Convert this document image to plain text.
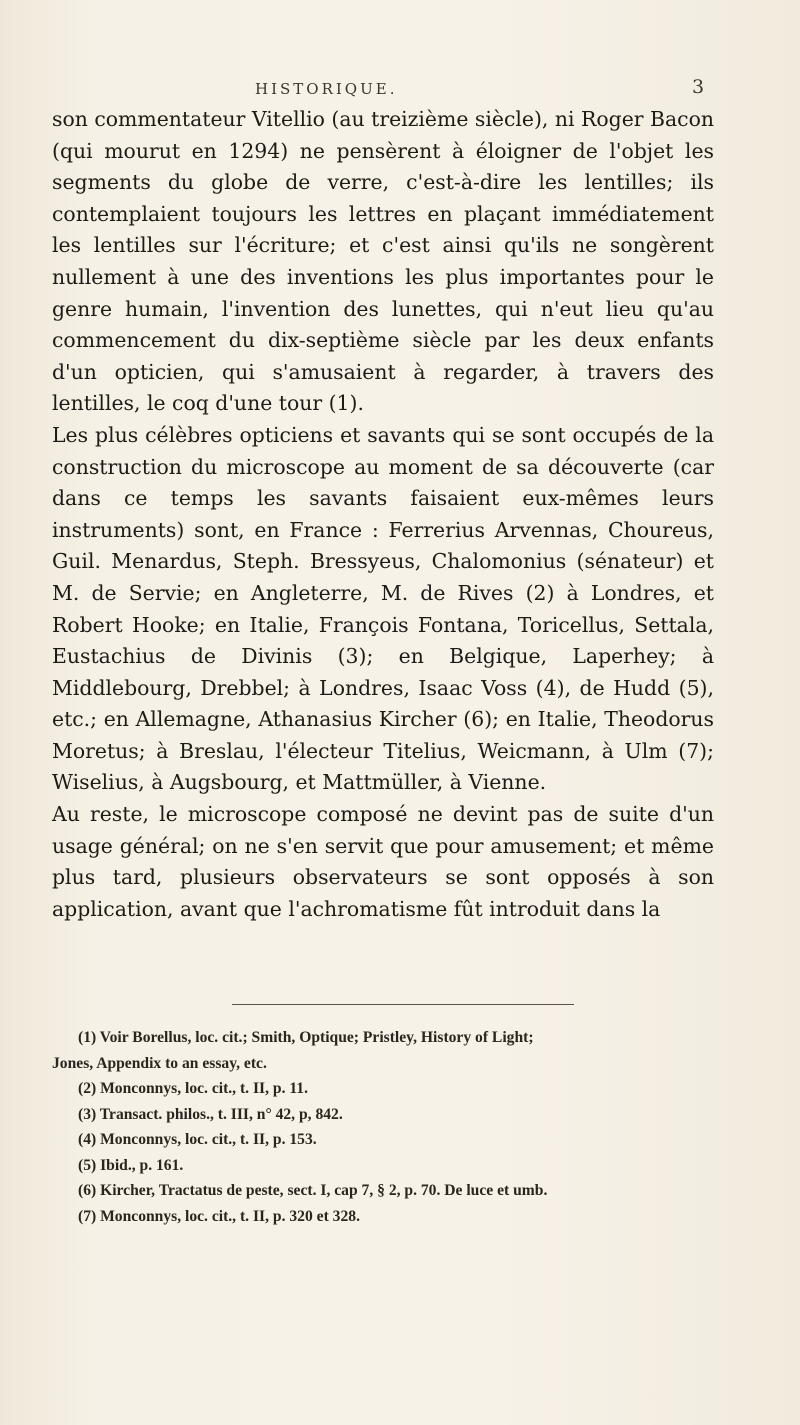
HISTORIQUE.	3

son commentateur Vitellio (au treizième siècle), ni Roger Bacon (qui mourut en 1294) ne pensèrent à éloigner de l'objet les segments du globe de verre, c'est-à-dire les lentilles; ils contemplaient toujours les lettres en plaçant immédiatement les lentilles sur l'écriture; et c'est ainsi qu'ils ne songèrent nullement à une des inventions les plus importantes pour le genre humain, l'invention des lunettes, qui n'eut lieu qu'au commencement du dix-septième siècle par les deux enfants d'un opticien, qui s'amusaient à regarder, à travers des lentilles, le coq d'une tour (1).

Les plus célèbres opticiens et savants qui se sont occupés de la construction du microscope au moment de sa découverte (car dans ce temps les savants faisaient eux-mêmes leurs instruments) sont, en France : Ferrerius Arvennas, Choureus, Guil. Menardus, Steph. Bressyeus, Chalomonius (sénateur) et M. de Servie; en Angleterre, M. de Rives (2) à Londres, et Robert Hooke; en Italie, François Fontana, Toricellus, Settala, Eustachius de Divinis (3); en Belgique, Laperhey; à Middlebourg, Drebbel; à Londres, Isaac Voss (4), de Hudd (5), etc.; en Allemagne, Athanasius Kircher (6); en Italie, Theodorus Moretus; à Breslau, l'électeur Titelius, Weicmann, à Ulm (7); Wiselius, à Augsbourg, et Mattmüller, à Vienne.

Au reste, le microscope composé ne devint pas de suite d'un usage général; on ne s'en servit que pour amusement; et même plus tard, plusieurs observateurs se sont opposés à son application, avant que l'achromatisme fût introduit dans la

(1) Voir Borellus, loc. cit.; Smith, Optique; Pristley, History of Light;
Jones, Appendix to an essay, etc.
(2) Monconnys, loc. cit., t. II, p. 11.
(3) Transact. philos., t. III, n° 42, p, 842.
(4) Monconnys, loc. cit., t. II, p. 153.
(5) Ibid., p. 161.
(6) Kircher, Tractatus de peste, sect. I, cap 7, § 2, p. 70. De luce et umb.
(7) Monconnys, loc. cit., t. II, p. 320 et 328.
